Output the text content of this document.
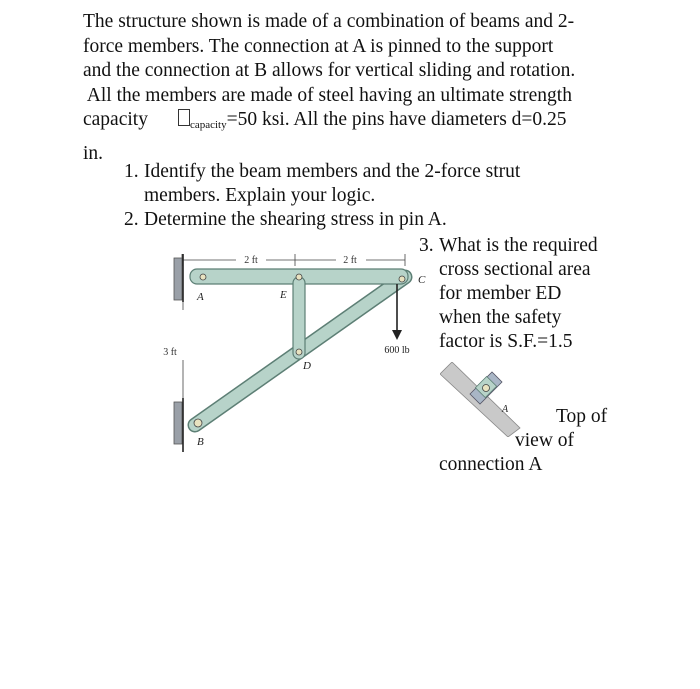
The structure shown is made of a combination of beams and 2-
force members. The connection at A is pinned to the support
and the connection at B allows for vertical sliding and rotation.
All the members are made of steel having an ultimate strength
capacity	$_{capacity}$=50 ksi. All the pins have diameters d=0.25
in.
1. Identify the beam members and the 2-force strut
members. Explain your logic.
2. Determine the shearing stress in pin A.
3. What is the required
cross sectional area
for member ED
when the safety
factor is S.F.=1.5
2 ft	2 ft
3 ft	600 lb
A
B
C
D
E
A Top of
view of
connection A
